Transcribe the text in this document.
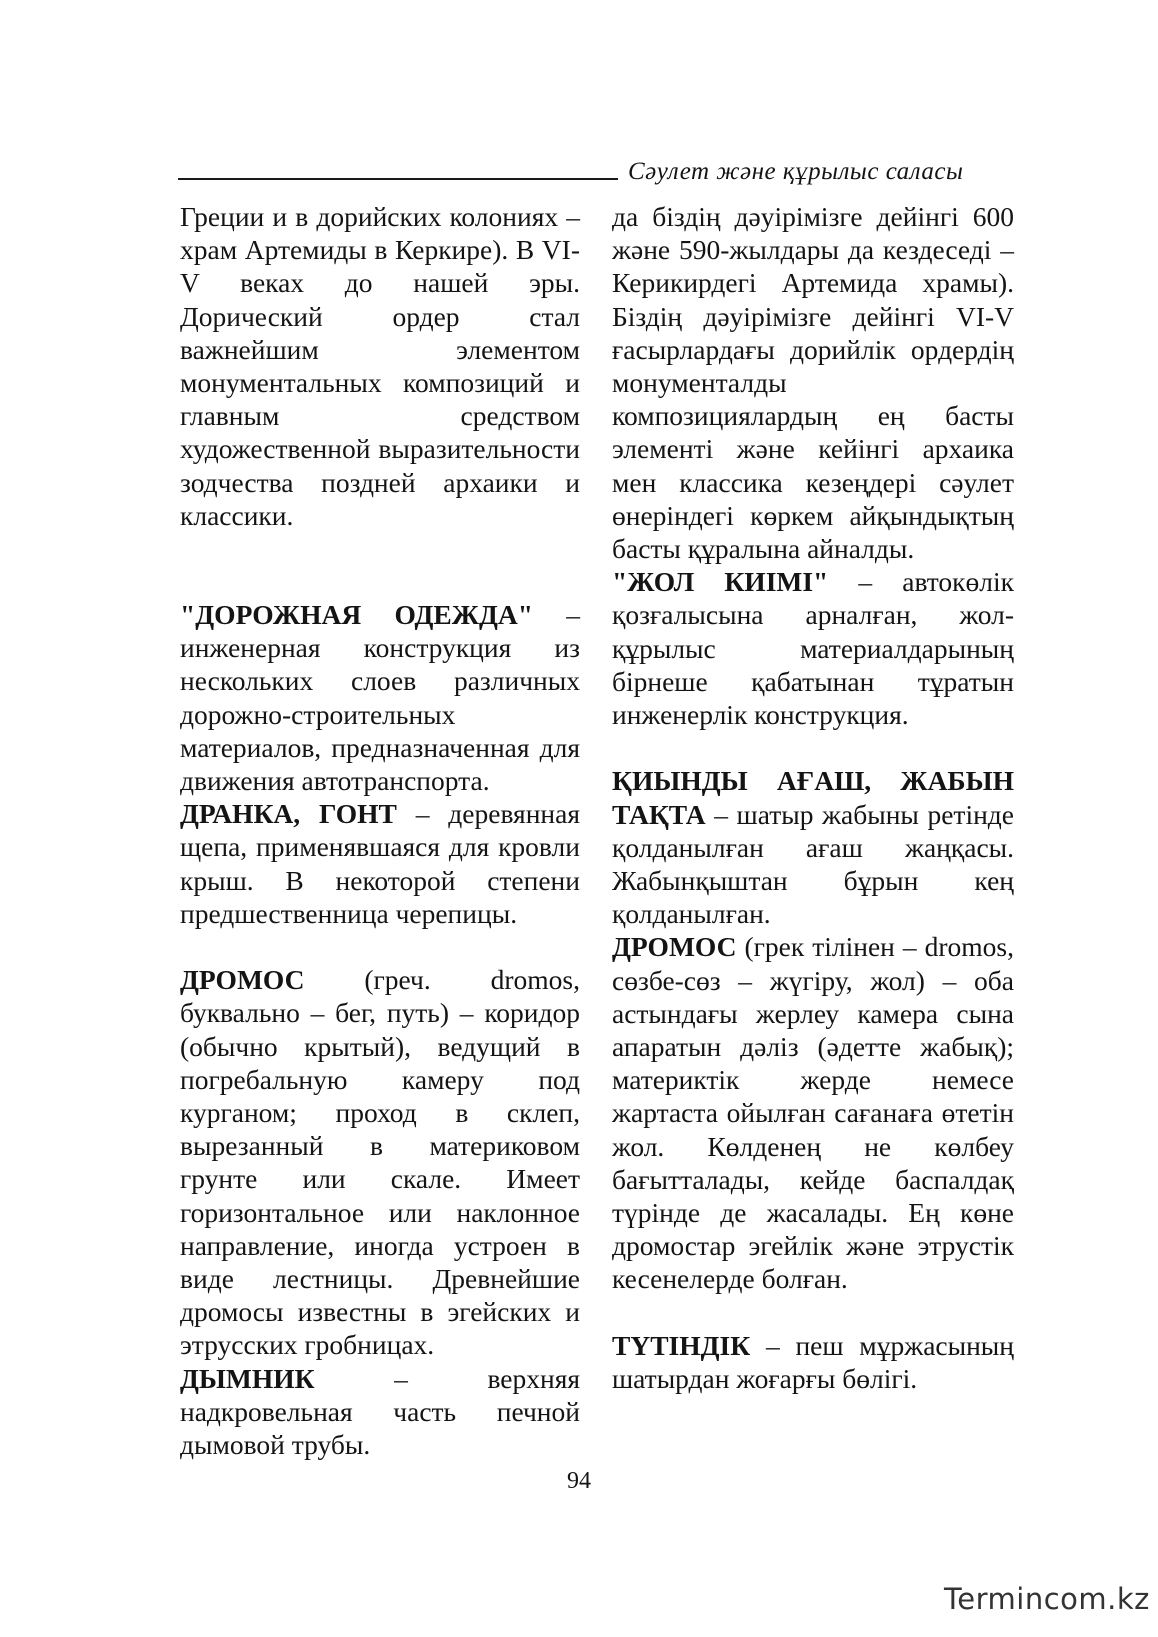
Сәулет және құрылыс саласы

Греции и в дорийских колониях – храм Артемиды в Керкире). В VI-V веках до нашей эры. Дорический ордер стал важнейшим элементом монументальных композиций и главным средством художественной выразительности зодчества поздней архаики и классики.

"ДОРОЖНАЯ ОДЕЖДА" – инженерная конструкция из нескольких слоев различных дорожно-строительных материалов, предназначенная для движения автотранспорта.

ДРАНКА, ГОНТ – деревянная щепа, применявшаяся для кровли крыш. В некоторой степени предшественница черепицы.

ДРОМОС (греч. dromos, буквально – бег, путь) – коридор (обычно крытый), ведущий в погребальную камеру под курганом; проход в склеп, вырезанный в материковом грунте или скале. Имеет горизонтальное или наклонное направление, иногда устроен в виде лестницы. Древнейшие дромосы известны в эгейских и этрусских гробницах.

ДЫМНИК – верхняя надкровельная часть печной дымовой трубы.

да біздің дəуірімізге дейінгі 600 жəне 590-жылдары да кездеседі – Керикирдегі Артемида храмы). Біздің дəуірімізге дейінгі VI-V ғасырлардағы дорийлік ордердің монументалды композициялардың ең басты элементі жəне кейінгі архаика мен классика кезеңдері сəулет өнеріндегі көркем айқындықтың басты құралына айналды.

"ЖОЛ КИІМІ" – автокөлік қозғалысына арналған, жол-құрылыс материалдарының бірнеше қабатынан тұратын инженерлік конструкция.

ҚИЫНДЫ АҒАШ, ЖАБЫН ТАҚТА – шатыр жабыны ретінде қолданылған ағаш жаңқасы. Жабынқыштан бұрын кең қолданылған.

ДРОМОС (грек тілінен – dromos, сөзбе-сөз – жүгіру, жол) – оба астындағы жерлеу камера сына апаратын дəліз (əдетте жабық); материктік жерде немесе жартаста ойылған сағанаға өтетін жол. Көлденең не көлбеу бағытталады, кейде баспалдақ түрінде де жасалады. Ең көне дромостар эгейлік жəне этрустік кесенелерде болған.

ТҮТІНДІК – пеш мұржасының шатырдан жоғарғы бөлігі.

94
Termincom.kz
